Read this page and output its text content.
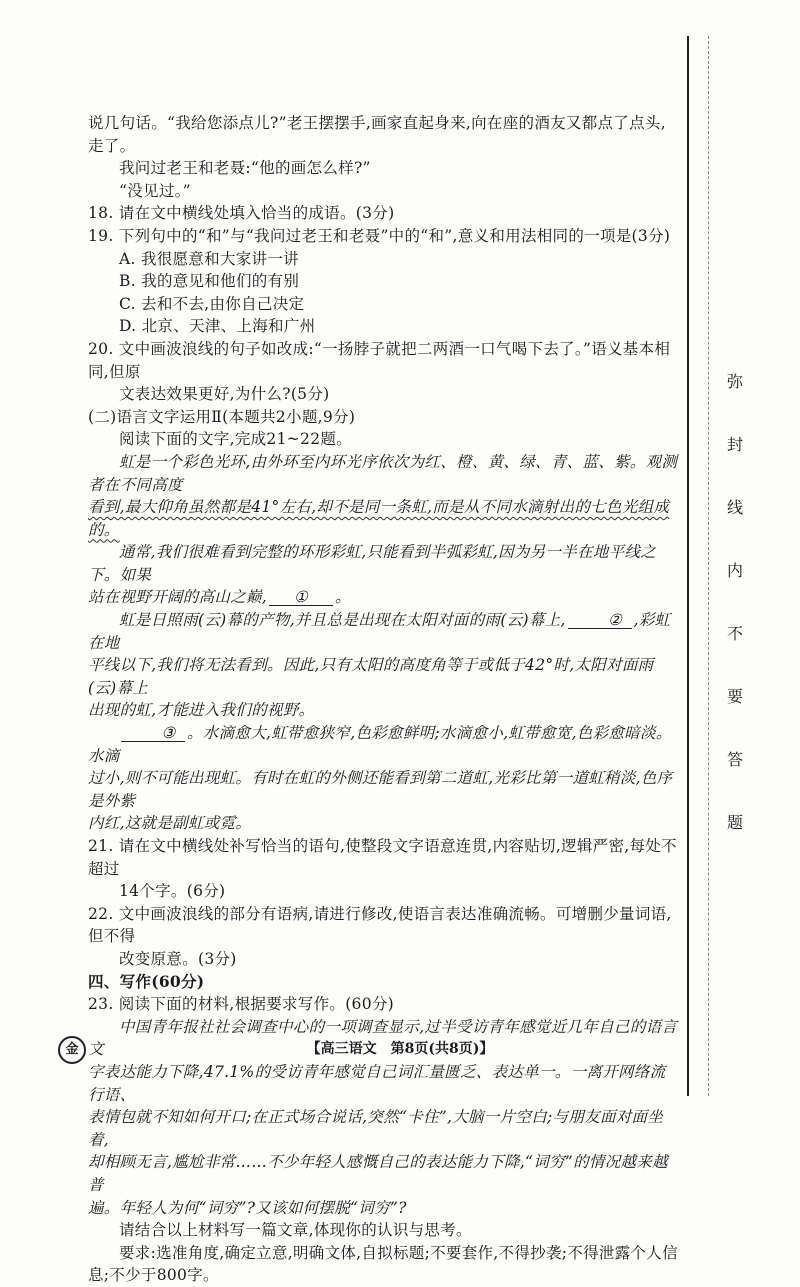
说几句话。“我给您添点儿?”老王摆摆手,画家直起身来,向在座的酒友又都点了点头,走了。

我问过老王和老聂:“他的画怎么样?”

“没见过。”

18. 请在文中横线处填入恰当的成语。(3分)

19. 下列句中的“和”与“我问过老王和老聂”中的“和”,意义和用法相同的一项是(3分)

A. 我很愿意和大家讲一讲

B. 我的意见和他们的有别

C. 去和不去,由你自己决定

D. 北京、天津、上海和广州

20. 文中画波浪线的句子如改成:“一扬脖子就把二两酒一口气喝下去了。”语义基本相同,但原

文表达效果更好,为什么?(5分)

(二)语言文字运用Ⅱ(本题共2小题,9分)

阅读下面的文字,完成21~22题。

虹是一个彩色光环,由外环至内环光序依次为红、橙、黄、绿、青、蓝、紫。观测者在不同高度

看到,最大仰角虽然都是41°左右,却不是同一条虹,而是从不同水滴射出的七色光组成的。

通常,我们很难看到完整的环形彩虹,只能看到半弧彩虹,因为另一半在地平线之下。如果

站在视野开阔的高山之巅, ① 。

虹是日照雨(云)幕的产物,并且总是出现在太阳对面的雨(云)幕上,	② ,彩虹在地

平线以下,我们将无法看到。因此,只有太阳的高度角等于或低于42°时,太阳对面雨(云)幕上

出现的虹,才能进入我们的视野。

③ 。水滴愈大,虹带愈狭窄,色彩愈鲜明;水滴愈小,虹带愈宽,色彩愈暗淡。水滴

过小,则不可能出现虹。有时在虹的外侧还能看到第二道虹,光彩比第一道虹稍淡,色序是外紫

内红,这就是副虹或霓。

21. 请在文中横线处补写恰当的语句,使整段文字语意连贯,内容贴切,逻辑严密,每处不超过

14个字。(6分)

22. 文中画波浪线的部分有语病,请进行修改,使语言表达准确流畅。可增删少量词语,但不得

改变原意。(3分)

四、写作(60分)

23. 阅读下面的材料,根据要求写作。(60分)

中国青年报社社会调查中心的一项调查显示,过半受访青年感觉近几年自己的语言文

字表达能力下降,47.1%的受访青年感觉自己词汇量匮乏、表达单一。一离开网络流行语、

表情包就不知如何开口;在正式场合说话,突然“卡住”,大脑一片空白;与朋友面对面坐着,

却相顾无言,尴尬非常……不少年轻人感慨自己的表达能力下降,“词穷”的情况越来越普

遍。年轻人为何“词穷”?又该如何摆脱“词穷”?

请结合以上材料写一篇文章,体现你的认识与思考。

要求:选准角度,确定立意,明确文体,自拟标题;不要套作,不得抄袭;不得泄露个人信

息;不少于800字。

弥
封
线
内
不
要
答
题
金	【高三语文　第8页(共8页)】
